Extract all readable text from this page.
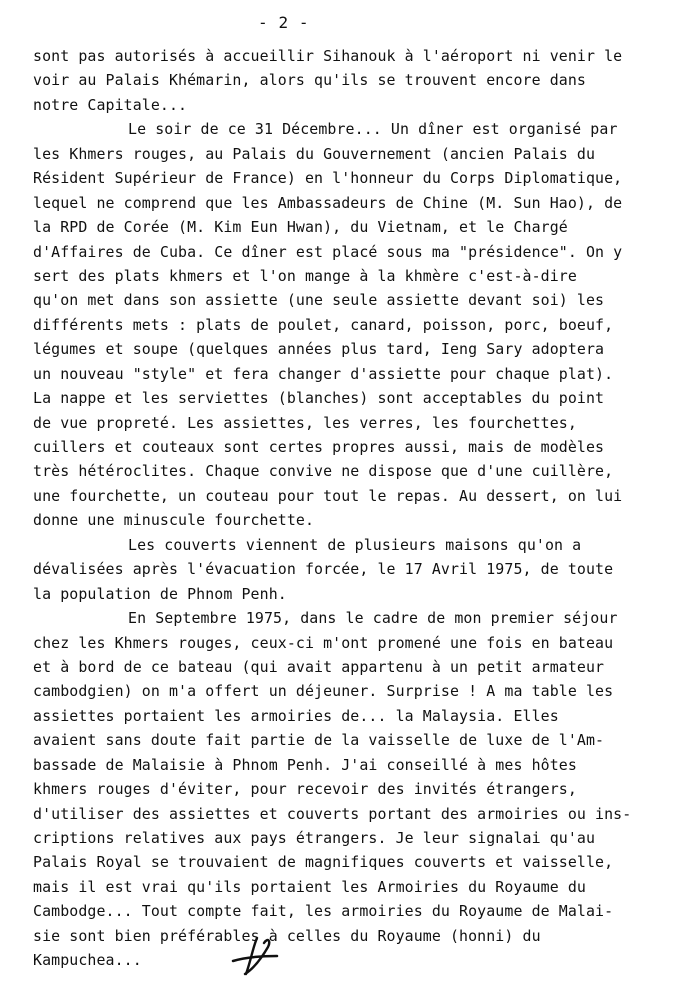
- 2 -
sont pas autorisés à accueillir Sihanouk à l'aéroport ni venir le
voir au Palais Khémarin, alors qu'ils se trouvent encore dans
notre Capitale...
Le soir de ce 31 Décembre... Un dîner est organisé par
les Khmers rouges, au Palais du Gouvernement (ancien Palais du
Résident Supérieur de France) en l'honneur du Corps Diplomatique,
lequel ne comprend que les Ambassadeurs de Chine (M. Sun Hao), de
la RPD de Corée (M. Kim Eun Hwan), du Vietnam, et le Chargé
d'Affaires de Cuba. Ce dîner est placé sous ma "présidence". On y
sert des plats khmers et l'on mange à la khmère c'est-à-dire
qu'on met dans son assiette (une seule assiette devant soi) les
différents mets : plats de poulet, canard, poisson, porc, boeuf,
légumes et soupe (quelques années plus tard, Ieng Sary adoptera
un nouveau "style" et fera changer d'assiette pour chaque plat).
La nappe et les serviettes (blanches) sont acceptables du point
de vue propreté. Les assiettes, les verres, les fourchettes,
cuillers et couteaux sont certes propres aussi, mais de modèles
très hétéroclites. Chaque convive ne dispose que d'une cuillère,
une fourchette, un couteau pour tout le repas. Au dessert, on lui
donne une minuscule fourchette.
Les couverts viennent de plusieurs maisons qu'on a
dévalisées après l'évacuation forcée, le 17 Avril 1975, de toute
la population de Phnom Penh.
En Septembre 1975, dans le cadre de mon premier séjour
chez les Khmers rouges, ceux-ci m'ont promené une fois en bateau
et à bord de ce bateau (qui avait appartenu à un petit armateur
cambodgien) on m'a offert un déjeuner. Surprise ! A ma table les
assiettes portaient les armoiries de... la Malaysia. Elles
avaient sans doute fait partie de la vaisselle de luxe de l'Am-
bassade de Malaisie à Phnom Penh. J'ai conseillé à mes hôtes
khmers rouges d'éviter, pour recevoir des invités étrangers,
d'utiliser des assiettes et couverts portant des armoiries ou ins-
criptions relatives aux pays étrangers. Je leur signalai qu'au
Palais Royal se trouvaient de magnifiques couverts et vaisselle,
mais il est vrai qu'ils portaient les Armoiries du Royaume du
Cambodge... Tout compte fait, les armoiries du Royaume de Malai-
sie sont bien préférables à celles du Royaume (honni) du
Kampuchea...
